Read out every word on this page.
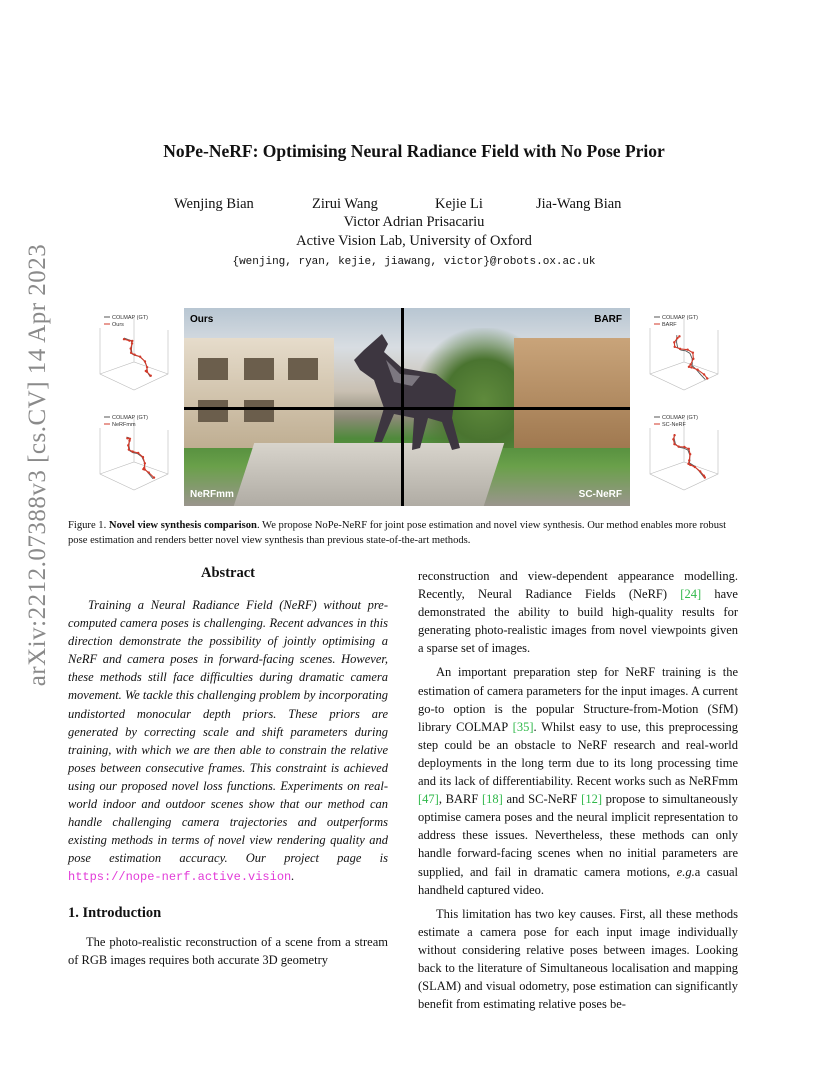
arXiv:2212.07388v3 [cs.CV] 14 Apr 2023
NoPe-NeRF: Optimising Neural Radiance Field with No Pose Prior
Wenjing Bian	Zirui Wang	Kejie Li	Jia-Wang Bian
Victor Adrian Prisacariu
Active Vision Lab, University of Oxford
{wenjing, ryan, kejie, jiawang, victor}@robots.ox.ac.uk
Ours	BARF
NeRFmm	SC-NeRF
COLMAP (GT)
Ours
COLMAP (GT)
NeRFmm
COLMAP (GT)
BARF
COLMAP (GT)
SC-NeRF
Figure 1. Novel view synthesis comparison. We propose NoPe-NeRF for joint pose estimation and novel view synthesis. Our method enables more robust pose estimation and renders better novel view synthesis than previous state-of-the-art methods.
Abstract

Training a Neural Radiance Field (NeRF) without pre-computed camera poses is challenging. Recent advances in this direction demonstrate the possibility of jointly optimising a NeRF and camera poses in forward-facing scenes. However, these methods still face difficulties during dramatic camera movement. We tackle this challenging problem by incorporating undistorted monocular depth priors. These priors are generated by correcting scale and shift parameters during training, with which we are then able to constrain the relative poses between consecutive frames. This constraint is achieved using our proposed novel loss functions. Experiments on real-world indoor and outdoor scenes show that our method can handle challenging camera trajectories and outperforms existing methods in terms of novel view rendering quality and pose estimation accuracy. Our project page is https://nope-nerf.active.vision.

1. Introduction

The photo-realistic reconstruction of a scene from a stream of RGB images requires both accurate 3D geometry

reconstruction and view-dependent appearance modelling. Recently, Neural Radiance Fields (NeRF) [24] have demonstrated the ability to build high-quality results for generating photo-realistic images from novel viewpoints given a sparse set of images.

An important preparation step for NeRF training is the estimation of camera parameters for the input images. A current go-to option is the popular Structure-from-Motion (SfM) library COLMAP [35]. Whilst easy to use, this preprocessing step could be an obstacle to NeRF research and real-world deployments in the long term due to its long processing time and its lack of differentiability. Recent works such as NeRFmm [47], BARF [18] and SC-NeRF [12] propose to simultaneously optimise camera poses and the neural implicit representation to address these issues. Nevertheless, these methods can only handle forward-facing scenes when no initial parameters are supplied, and fail in dramatic camera motions, e.g.a casual handheld captured video.

This limitation has two key causes. First, all these methods estimate a camera pose for each input image individually without considering relative poses between images. Looking back to the literature of Simultaneous localisation and mapping (SLAM) and visual odometry, pose estimation can significantly benefit from estimating relative poses be-
